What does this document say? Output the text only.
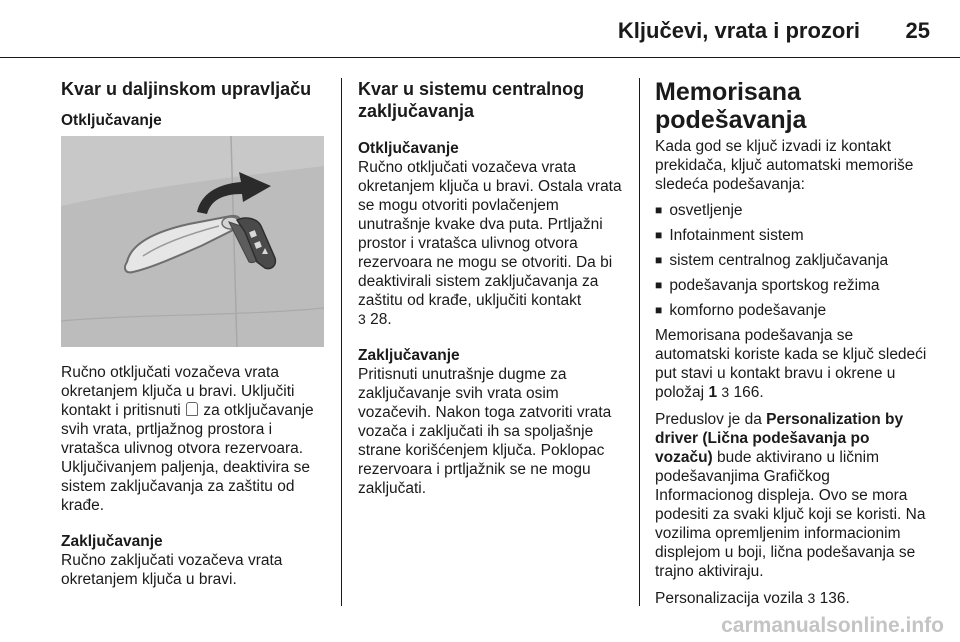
Ključevi, vrata i prozori	25

Kvar u daljinskom upravljaču

Otključavanje

Ručno otključati vozačeva vrata okretanjem ključa u bravi. Uključiti kontakt i pritisnuti  za otključavanje svih vrata, prtljažnog prostora i vratašca ulivnog otvora rezervoara. Uključivanjem paljenja, deaktivira se sistem zaključavanja za zaštitu od krađe.

Zaključavanje

Ručno zaključati vozačeva vrata okretanjem ključa u bravi.

Kvar u sistemu centralnog zaključavanja

Otključavanje

Ručno otključati vozačeva vrata okretanjem ključa u bravi. Ostala vrata se mogu otvoriti povlačenjem unutrašnje kvake dva puta. Prtljažni prostor i vratašca ulivnog otvora rezervoara ne mogu se otvoriti. Da bi deaktivirali sistem zaključavanja za zaštitu od krađe, uključiti kontakt
3 28.

Zaključavanje

Pritisnuti unutrašnje dugme za zaključavanje svih vrata osim vozačevih. Nakon toga zatvoriti vrata vozača i zaključati ih sa spoljašnje strane korišćenjem ključa. Poklopac rezervoara i prtljažnik se ne mogu zaključati.

Memorisana podešavanja

Kada god se ključ izvadi iz kontakt prekidača, ključ automatski memoriše sledeća podešavanja:

■
osvetljenje
■
Infotainment sistem
■
sistem centralnog zaključavanja
■
podešavanja sportskog režima
■
komforno podešavanje

Memorisana podešavanja se automatski koriste kada se ključ sledeći put stavi u kontakt bravu i okrene u položaj 1 3 166.

Preduslov je da Personalization by driver (Lična podešavanja po vozaču) bude aktivirano u ličnim podešavanjima Grafičkog Informacionog displeja. Ovo se mora podesiti za svaki ključ koji se koristi. Na vozilima opremljenim informacionim displejom u boji, lična podešavanja se trajno aktiviraju.

Personalizacija vozila 3 136.

carmanualsonline.info
